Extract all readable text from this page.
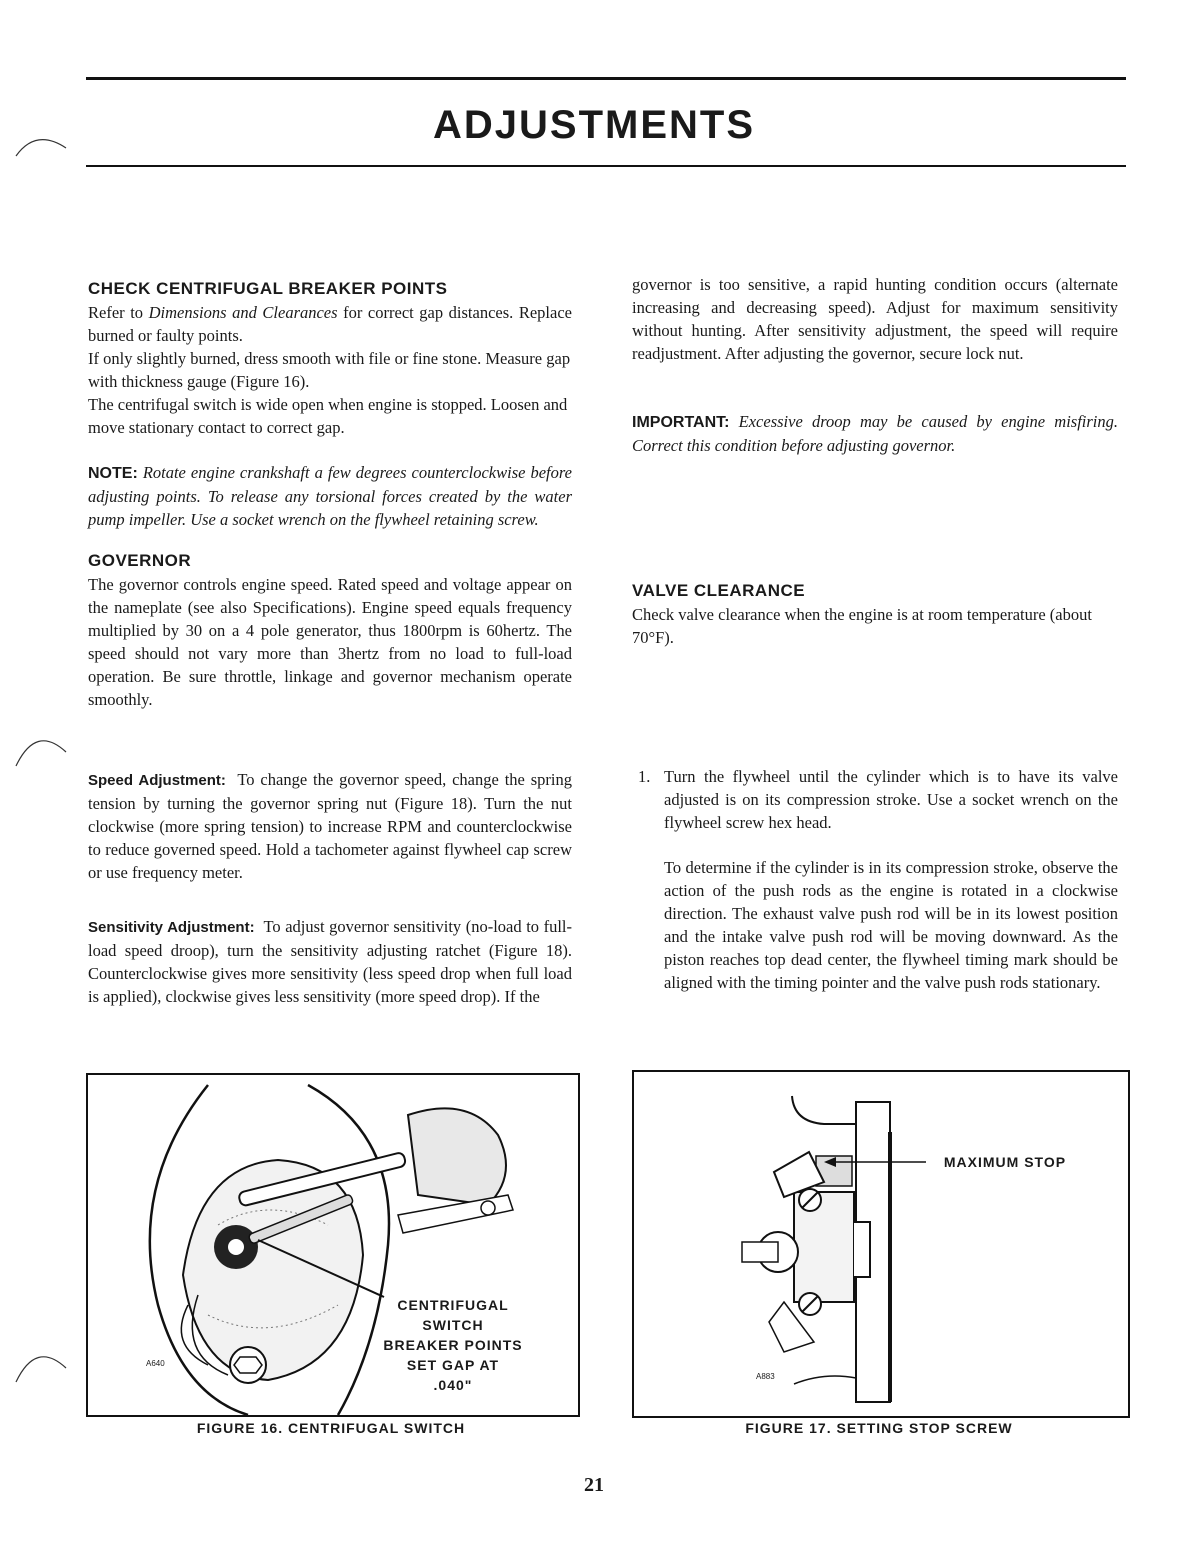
ADJUSTMENTS
CHECK CENTRIFUGAL BREAKER POINTS

Refer to Dimensions and Clearances for correct gap distances. Replace burned or faulty points.

If only slightly burned, dress smooth with file or fine stone. Measure gap with thickness gauge (Figure 16).

The centrifugal switch is wide open when engine is stopped. Loosen and move stationary contact to correct gap.

NOTE: Rotate engine crankshaft a few degrees counterclockwise before adjusting points. To release any torsional forces created by the water pump impeller. Use a socket wrench on the flywheel retaining screw.

GOVERNOR

The governor controls engine speed. Rated speed and voltage appear on the nameplate (see also Specifications). Engine speed equals frequency multiplied by 30 on a 4 pole generator, thus 1800rpm is 60hertz. The speed should not vary more than 3hertz from no load to full-load operation. Be sure throttle, linkage and governor mechanism operate smoothly.

Speed Adjustment: To change the governor speed, change the spring tension by turning the governor spring nut (Figure 18). Turn the nut clockwise (more spring tension) to increase RPM and counterclockwise to reduce governed speed. Hold a tachometer against flywheel cap screw or use frequency meter.

Sensitivity Adjustment: To adjust governor sensitivity (no-load to full-load speed droop), turn the sensitivity adjusting ratchet (Figure 18). Counterclockwise gives more sensitivity (less speed drop when full load is applied), clockwise gives less sensitivity (more speed drop). If the

CENTRIFUGAL
SWITCH
BREAKER POINTS
SET GAP AT
.040"
A640
FIGURE 16. CENTRIFUGAL SWITCH

governor is too sensitive, a rapid hunting condition occurs (alternate increasing and decreasing speed). Adjust for maximum sensitivity without hunting. After sensitivity adjustment, the speed will require readjustment. After adjusting the governor, secure lock nut.

IMPORTANT: Excessive droop may be caused by engine misfiring. Correct this condition before adjusting governor.

VALVE CLEARANCE

Check valve clearance when the engine is at room temperature (about 70°F).

1. Turn the flywheel until the cylinder which is to have its valve adjusted is on its compression stroke. Use a socket wrench on the flywheel screw hex head.

To determine if the cylinder is in its compression stroke, observe the action of the push rods as the engine is rotated in a clockwise direction. The exhaust valve push rod will be in its lowest position and the intake valve push rod will be moving downward. As the piston reaches top dead center, the flywheel timing mark should be aligned with the timing pointer and the valve push rods stationary.

MAXIMUM STOP
A883
FIGURE 17. SETTING STOP SCREW
21
